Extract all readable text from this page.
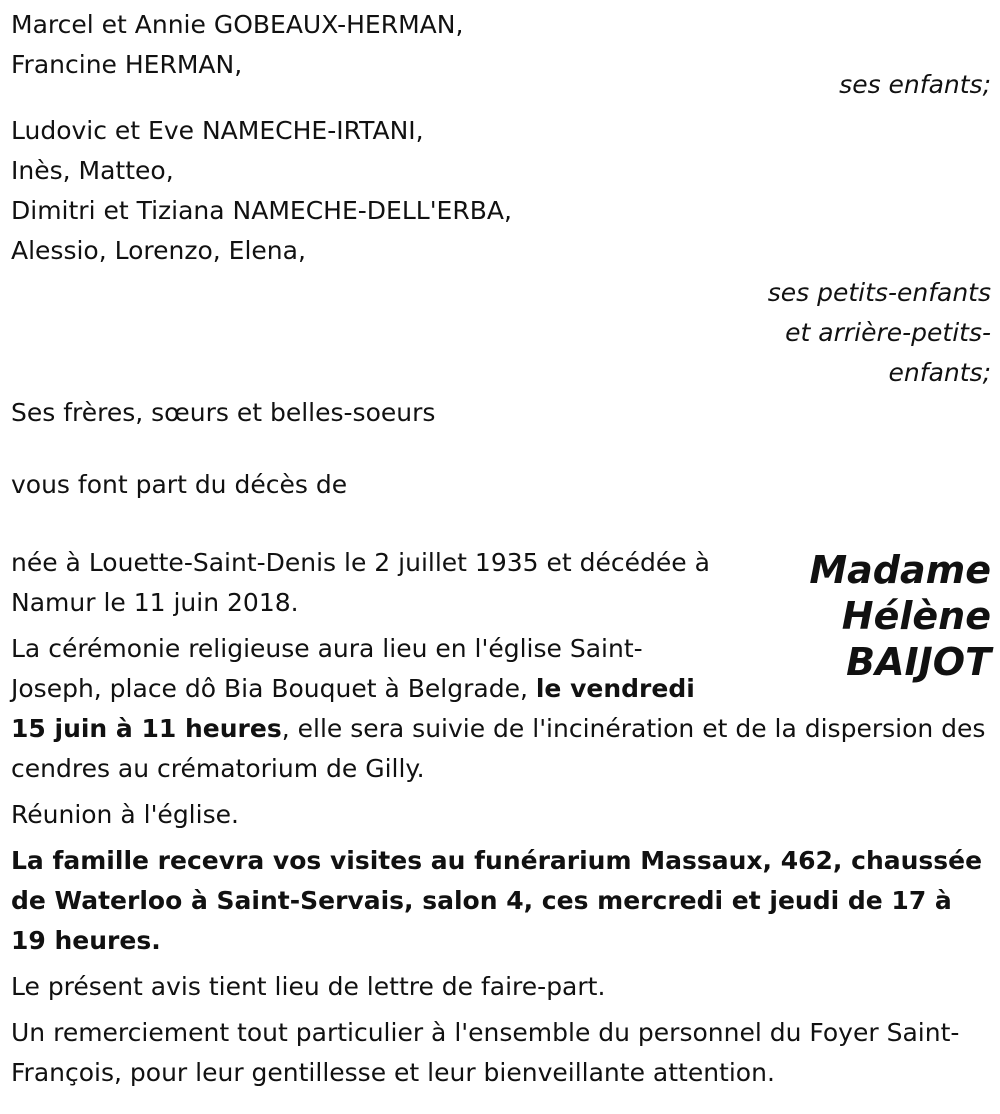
Marcel et Annie GOBEAUX-HERMAN,

Francine HERMAN,

ses enfants;

Ludovic et Eve NAMECHE-IRTANI,

Inès, Matteo,

Dimitri et Tiziana NAMECHE-DELL'ERBA,

Alessio, Lorenzo, Elena,

ses petits-enfants

et arrière-petits-

enfants;

Ses frères, sœurs et belles-soeurs

vous font part du décès de

Madame
Hélène
BAIJOT

née à Louette-Saint-Denis le 2 juillet 1935 et décédée à Namur le 11 juin 2018.

La cérémonie religieuse aura lieu en l'église Saint-Joseph, place dô Bia Bouquet à Belgrade, le vendredi 15 juin à 11 heures, elle sera suivie de l'incinération et de la dispersion des cendres au crématorium de Gilly.

Réunion à l'église.

La famille recevra vos visites au funérarium Massaux, 462, chaussée de Waterloo à Saint-Servais, salon 4, ces mercredi et jeudi de 17 à 19 heures.

Le présent avis tient lieu de lettre de faire-part.

Un remerciement tout particulier à l'ensemble du personnel du Foyer Saint-François, pour leur gentillesse et leur bienveillante attention.
